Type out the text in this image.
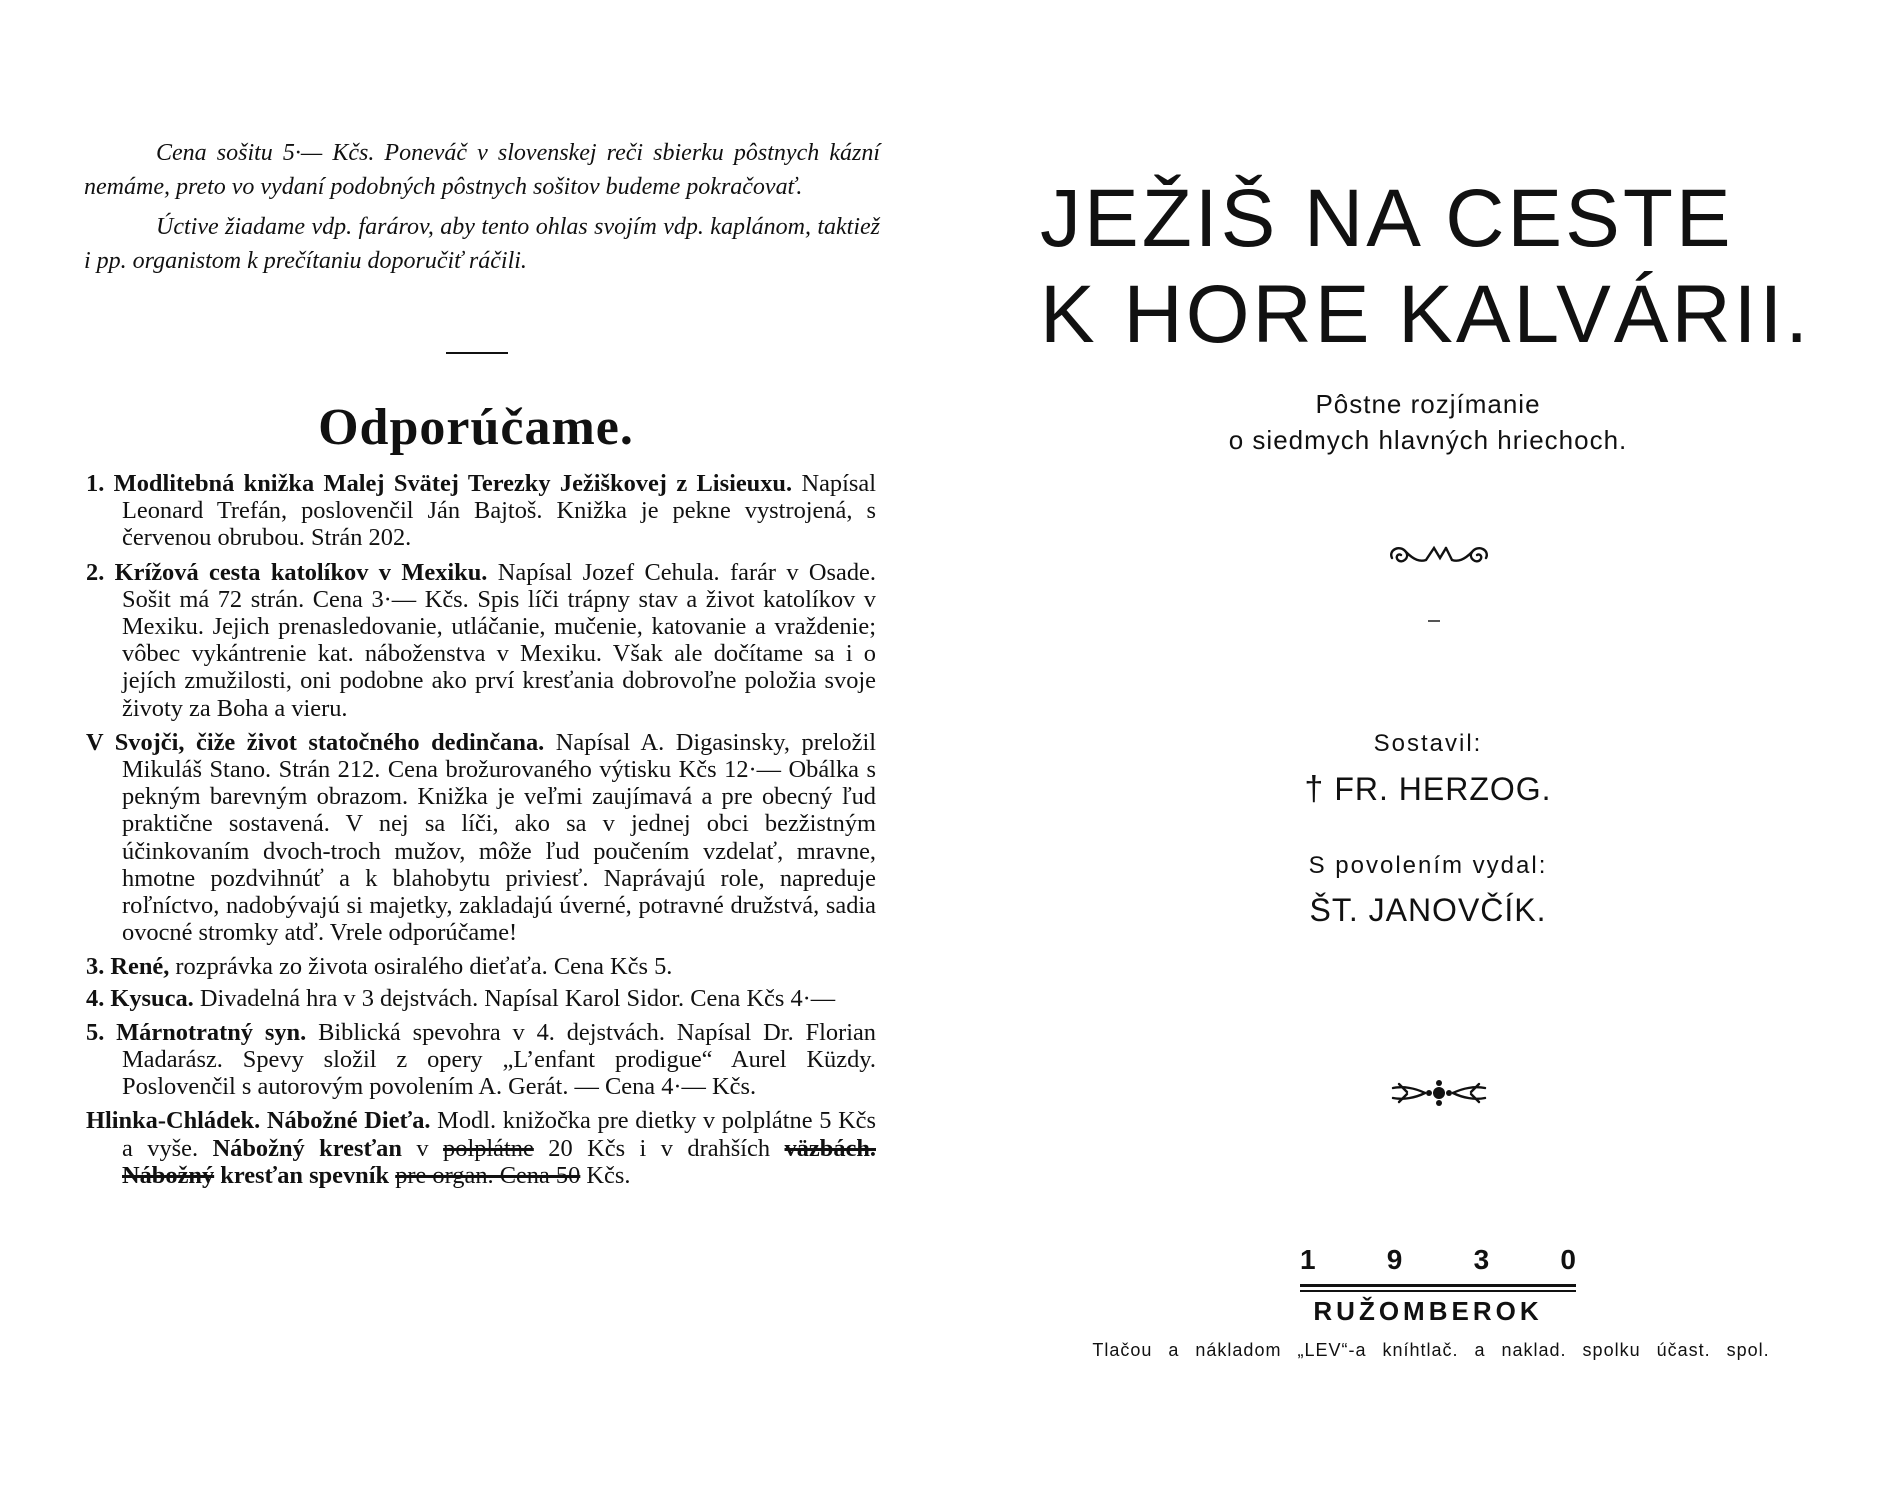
Cena sošitu 5·— Kčs. Poneváč v slovenskej reči sbierku pôstnych kázní nemáme, preto vo vydaní podobných pôstnych sošitov budeme pokračovať.

Úctive žiadame vdp. farárov, aby tento ohlas svojím vdp. kaplánom, taktiež i pp. organistom k prečítaniu doporučiť ráčili.

Odporúčame.
1. Modlitebná knižka Malej Svätej Terezky Ježiškovej z Lisieuxu. Napísal Leonard Trefán, poslovenčil Ján Bajtoš. Knižka je pekne vystrojená, s červenou obrubou. Strán 202.
2. Krížová cesta katolíkov v Mexiku. Napísal Jozef Cehula. farár v Osade. Sošit má 72 strán. Cena 3·— Kčs. Spis líči trápny stav a život katolíkov v Mexiku. Jejich prenasledovanie, utláčanie, mučenie, katovanie a vraždenie; vôbec vykántrenie kat. náboženstva v Mexiku. Však ale dočítame sa i o jejích zmužilosti, oni podobne ako prví kresťania dobrovoľne položia svoje životy za Boha a vieru.
V Svojči, čiže život statočného dedinčana. Napísal A. Digasinsky, preložil Mikuláš Stano. Strán 212. Cena brožurovaného výtisku Kčs 12·— Obálka s pekným barevným obrazom. Knižka je veľmi zaujímavá a pre obecný ľud praktične sostavená. V nej sa líči, ako sa v jednej obci bezžistným účinkovaním dvoch-troch mužov, môže ľud poučením vzdelať, mravne, hmotne pozdvihnúť a k blahobytu priviesť. Naprávajú role, napreduje roľníctvo, nadobývajú si majetky, zakladajú úverné, potravné družstvá, sadia ovocné stromky atď. Vrele odporúčame!
3. René, rozprávka zo života osiralého dieťaťa. Cena Kčs 5.
4. Kysuca. Divadelná hra v 3 dejstvách. Napísal Karol Sidor. Cena Kčs 4·—
5. Márnotratný syn. Biblická spevohra v 4. dejstvách. Napísal Dr. Florian Madarász. Spevy složil z opery „L’enfant prodigue“ Aurel Küzdy. Poslovenčil s autorovým povolením A. Gerát. — Cena 4·— Kčs.
Hlinka-Chládek. Nábožné Dieťa. Modl. knižočka pre dietky v polplátne 5 Kčs a vyše. Nábožný kresťan v polplátne 20 Kčs i v drahších väzbách. Nábožný kresťan spevník pre organ. Cena 50 Kčs.
JEŽIŠ NA CESTE
K HORE KALVÁRII.
Pôstne rozjímanie
o siedmych hlavných hriechoch.
Sostavil:
† FR. HERZOG.
S povolením vydal:
ŠT. JANOVČÍK.
1	9	3	0
RUŽOMBEROK
Tlačou a nákladom „LEV“-a kníhtlač. a naklad. spolku účast. spol.
